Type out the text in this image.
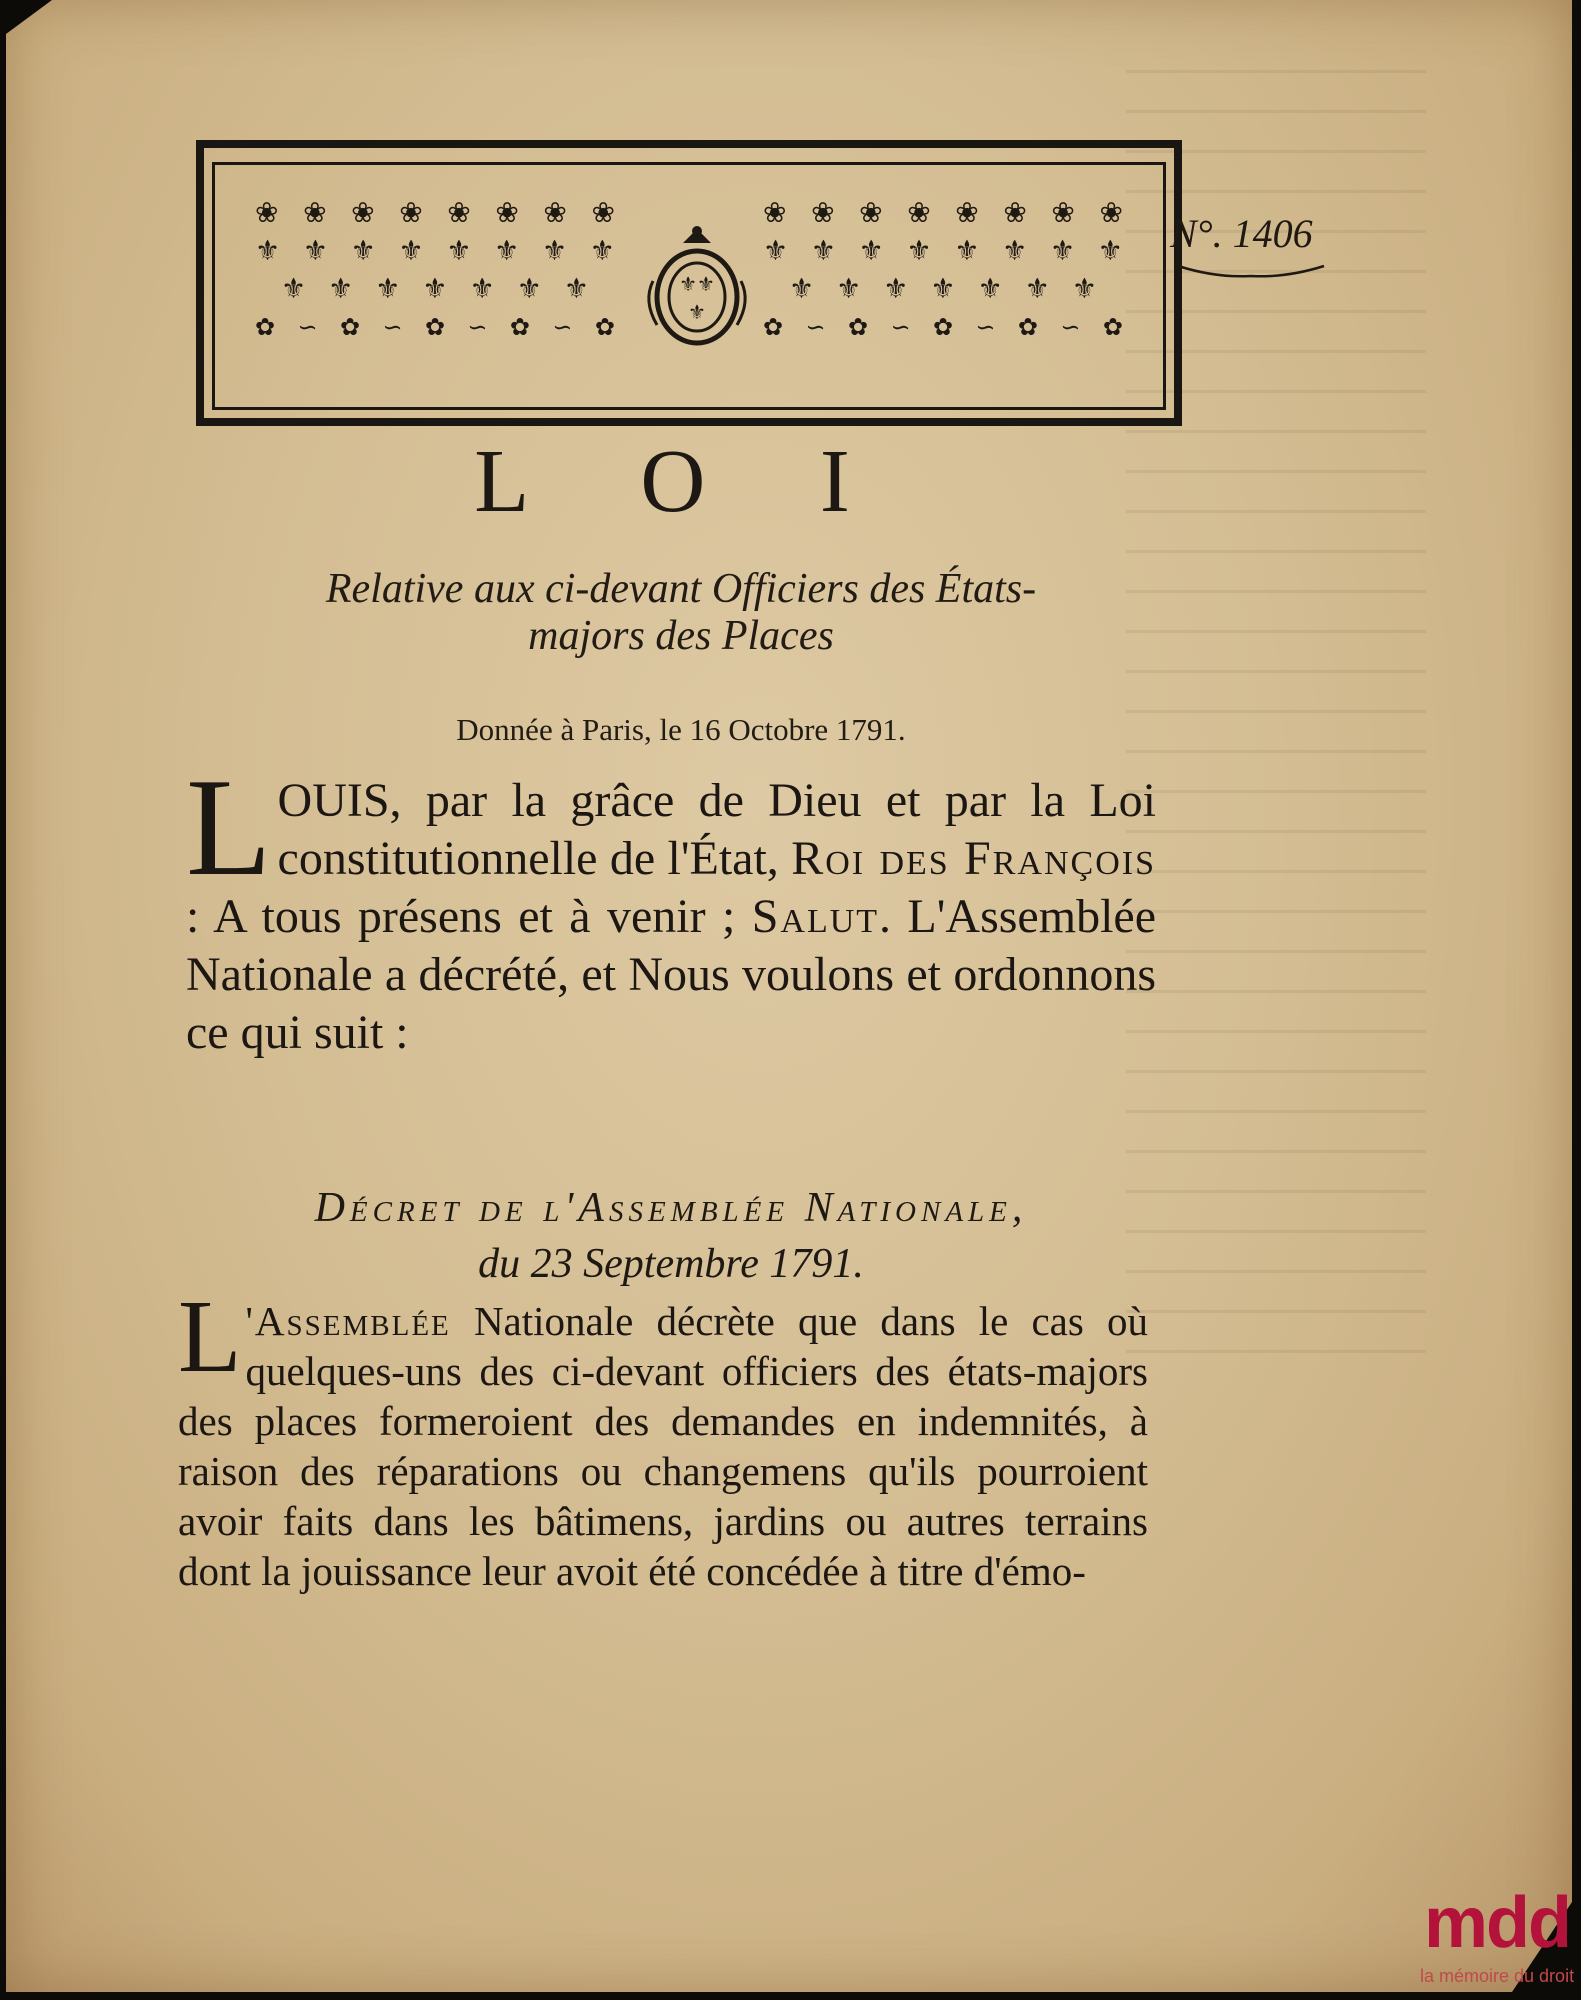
❀ ❀ ❀ ❀ ❀ ❀ ❀ ❀
⚜ ⚜ ⚜ ⚜ ⚜ ⚜ ⚜ ⚜
⚜ ⚜ ⚜ ⚜ ⚜ ⚜ ⚜
✿ ∽ ✿ ∽ ✿ ∽ ✿ ∽ ✿
⚜⚜
⚜
❀ ❀ ❀ ❀ ❀ ❀ ❀ ❀
⚜ ⚜ ⚜ ⚜ ⚜ ⚜ ⚜ ⚜
⚜ ⚜ ⚜ ⚜ ⚜ ⚜ ⚜
✿ ∽ ✿ ∽ ✿ ∽ ✿ ∽ ✿
N°. 1406
L O I
Relative aux ci-devant Officiers des États-
majors des Places
Donnée à Paris, le 16 Octobre 1791.
LOUIS, par la grâce de Dieu et par la Loi constitutionnelle de l'État, Roi des François : A tous présens et à venir ; Salut. L'Assemblée Nationale a décrété, et Nous voulons et ordonnons ce qui suit :
Décret de l'Assemblée Nationale,
du 23 Septembre 1791.
L 'Assemblée Nationale décrète que dans le cas où quelques-uns des ci-devant officiers des états-majors des places formeroient des demandes en indemnités, à raison des réparations ou changemens qu'ils pourroient avoir faits dans les bâtimens, jardins ou autres terrains dont la jouissance leur avoit été concédée à titre d'émo-
mdd
la mémoire du droit
